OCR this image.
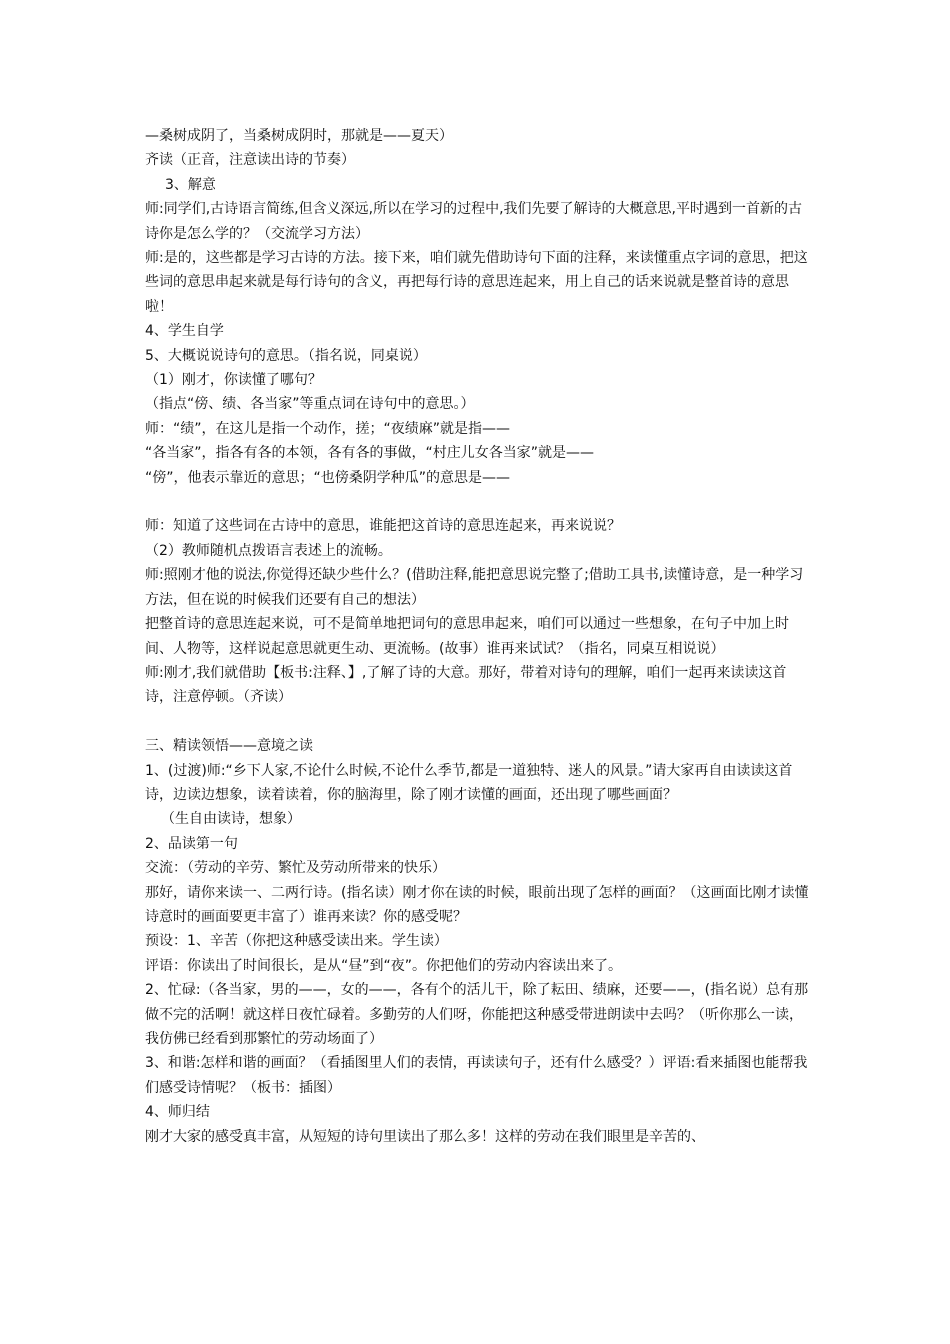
—桑树成阴了，当桑树成阴时，那就是——夏天）
齐读（正音，注意读出诗的节奏）
3、解意
师:同学们,古诗语言简练,但含义深远,所以在学习的过程中,我们先要了解诗的大概意思,平时遇到一首新的古诗你是怎么学的？（交流学习方法）
师:是的，这些都是学习古诗的方法。接下来，咱们就先借助诗句下面的注释，来读懂重点字词的意思，把这些词的意思串起来就是每行诗句的含义，再把每行诗的意思连起来，用上自己的话来说就是整首诗的意思啦！
4、学生自学
5、大概说说诗句的意思。（指名说，同桌说）
（1）刚才，你读懂了哪句？
（指点“傍、绩、各当家”等重点词在诗句中的意思。）
师：“绩”，在这儿是指一个动作，搓；“夜绩麻”就是指——
“各当家”，指各有各的本领，各有各的事做，“村庄儿女各当家”就是——
“傍”，他表示靠近的意思；“也傍桑阴学种瓜”的意思是——
师：知道了这些词在古诗中的意思，谁能把这首诗的意思连起来，再来说说？
（2）教师随机点拨语言表述上的流畅。
师:照刚才他的说法,你觉得还缺少些什么？(借助注释,能把意思说完整了;借助工具书,读懂诗意，是一种学习方法，但在说的时候我们还要有自己的想法）
把整首诗的意思连起来说，可不是简单地把词句的意思串起来，咱们可以通过一些想象，在句子中加上时间、人物等，这样说起意思就更生动、更流畅。(故事）谁再来试试？（指名，同桌互相说说）
师:刚才,我们就借助【板书:注释、】,了解了诗的大意。那好，带着对诗句的理解，咱们一起再来读读这首诗，注意停顿。（齐读）
三、精读领悟——意境之读
1、(过渡)师:“乡下人家,不论什么时候,不论什么季节,都是一道独特、迷人的风景。”请大家再自由读读这首诗，边读边想象，读着读着，你的脑海里，除了刚才读懂的画面，还出现了哪些画面？
（生自由读诗，想象）
2、品读第一句
交流：（劳动的辛劳、繁忙及劳动所带来的快乐）
那好，请你来读一、二两行诗。(指名读）刚才你在读的时候，眼前出现了怎样的画面？（这画面比刚才读懂诗意时的画面要更丰富了）谁再来读？你的感受呢？
预设：1、辛苦（你把这种感受读出来。学生读）
评语：你读出了时间很长，是从“昼”到“夜”。你把他们的劳动内容读出来了。
2、忙碌:（各当家，男的——，女的——，各有个的活儿干，除了耘田、绩麻，还要——，(指名说）总有那做不完的活啊！就这样日夜忙碌着。多勤劳的人们呀，你能把这种感受带进朗读中去吗？（听你那么一读，我仿佛已经看到那繁忙的劳动场面了）
3、和谐:怎样和谐的画面？（看插图里人们的表情，再读读句子，还有什么感受？）评语:看来插图也能帮我们感受诗情呢？（板书：插图）
4、师归结
刚才大家的感受真丰富，从短短的诗句里读出了那么多！这样的劳动在我们眼里是辛苦的、
